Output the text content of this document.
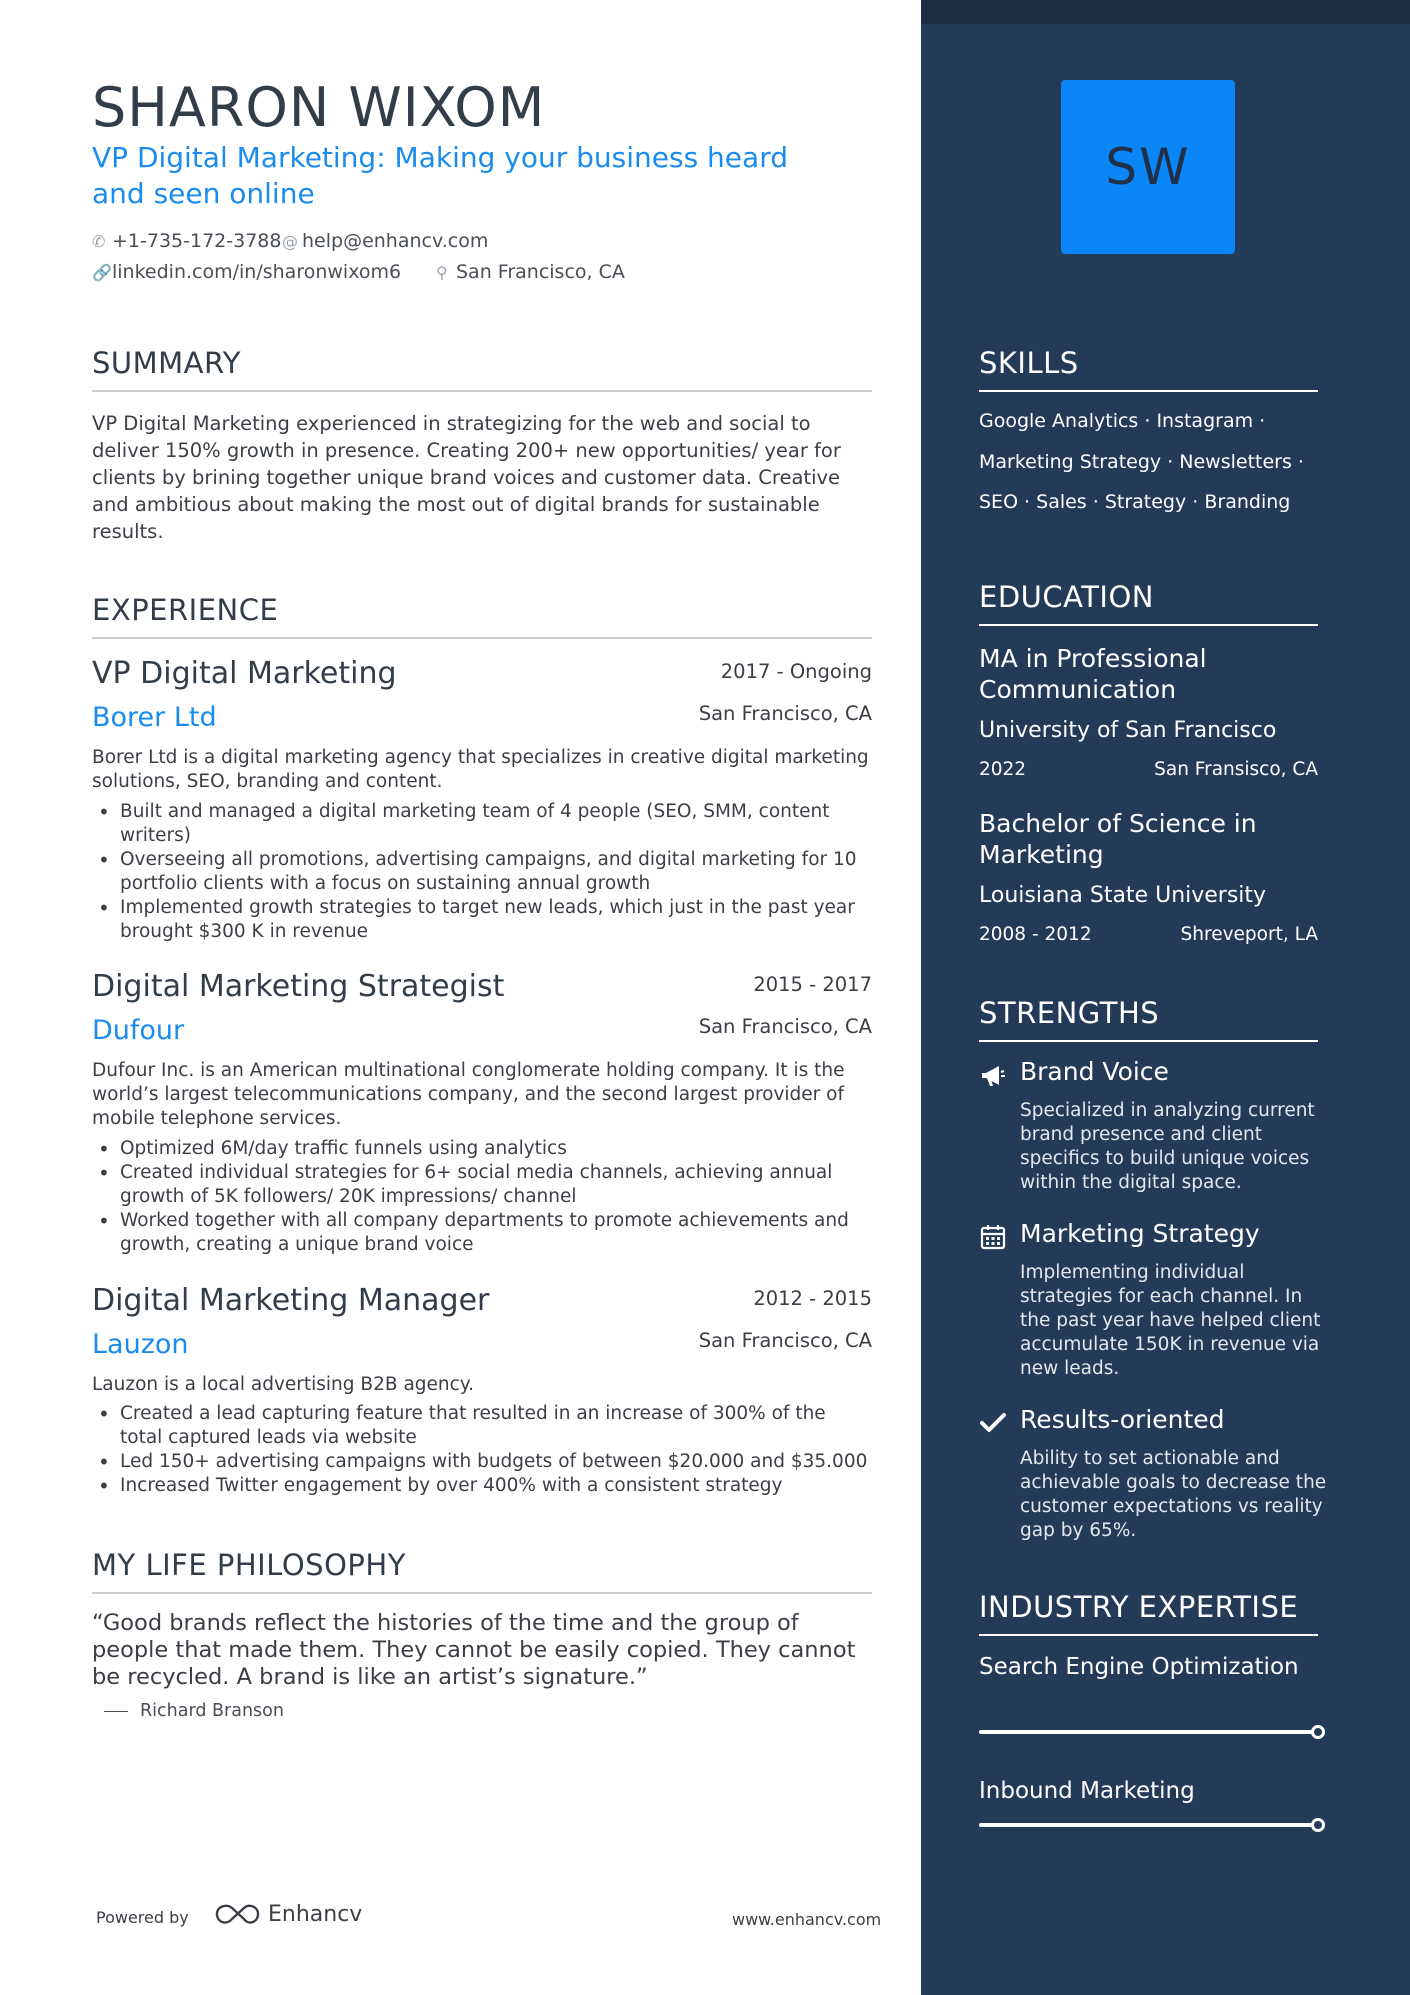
SHARON WIXOM
VP Digital Marketing: Making your business heard and seen online
✆ +1-735-172-3788 @ help@enhancv.com
🔗 linkedin.com/in/sharonwixom6 ⚲ San Francisco, CA
SUMMARY
VP Digital Marketing experienced in strategizing for the web and social to deliver 150% growth in presence. Creating 200+ new opportunities/ year for clients by brining together unique brand voices and customer data. Creative and ambitious about making the most out of digital brands for sustainable results.
EXPERIENCE
VP Digital Marketing	2017 - Ongoing
Borer Ltd	San Francisco, CA
Borer Ltd is a digital marketing agency that specializes in creative digital marketing solutions, SEO, branding and content.
• Built and managed a digital marketing team of 4 people (SEO, SMM, content writers)
• Overseeing all promotions, advertising campaigns, and digital marketing for 10 portfolio clients with a focus on sustaining annual growth
• Implemented growth strategies to target new leads, which just in the past year brought $300 K in revenue
Digital Marketing Strategist	2015 - 2017
Dufour	San Francisco, CA
Dufour Inc. is an American multinational conglomerate holding company. It is the world’s largest telecommunications company, and the second largest provider of mobile telephone services.
• Optimized 6M/day traffic funnels using analytics
• Created individual strategies for 6+ social media channels, achieving annual growth of 5K followers/ 20K impressions/ channel
• Worked together with all company departments to promote achievements and growth, creating a unique brand voice
Digital Marketing Manager	2012 - 2015
Lauzon	San Francisco, CA
Lauzon is a local advertising B2B agency.
• Created a lead capturing feature that resulted in an increase of 300% of the total captured leads via website
• Led 150+ advertising campaigns with budgets of between $20.000 and $35.000
• Increased Twitter engagement by over 400% with a consistent strategy
MY LIFE PHILOSOPHY
“Good brands reflect the histories of the time and the group of people that made them. They cannot be easily copied. They cannot be recycled. A brand is like an artist’s signature.”
Richard Branson
Powered by	Enhancv	www.enhancv.com
SW
SKILLS
Google Analytics · Instagram ·
Marketing Strategy · Newsletters ·
SEO · Sales · Strategy · Branding
EDUCATION
MA in Professional Communication
University of San Francisco
2022	San Fransisco, CA
Bachelor of Science in Marketing
Louisiana State University
2008 - 2012	Shreveport, LA
STRENGTHS
Brand Voice
Specialized in analyzing current brand presence and client specifics to build unique voices within the digital space.
Marketing Strategy
Implementing individual strategies for each channel. In the past year have helped client accumulate 150K in revenue via new leads.
Results-oriented
Ability to set actionable and achievable goals to decrease the customer expectations vs reality gap by 65%.
INDUSTRY EXPERTISE
Search Engine Optimization
Inbound Marketing
